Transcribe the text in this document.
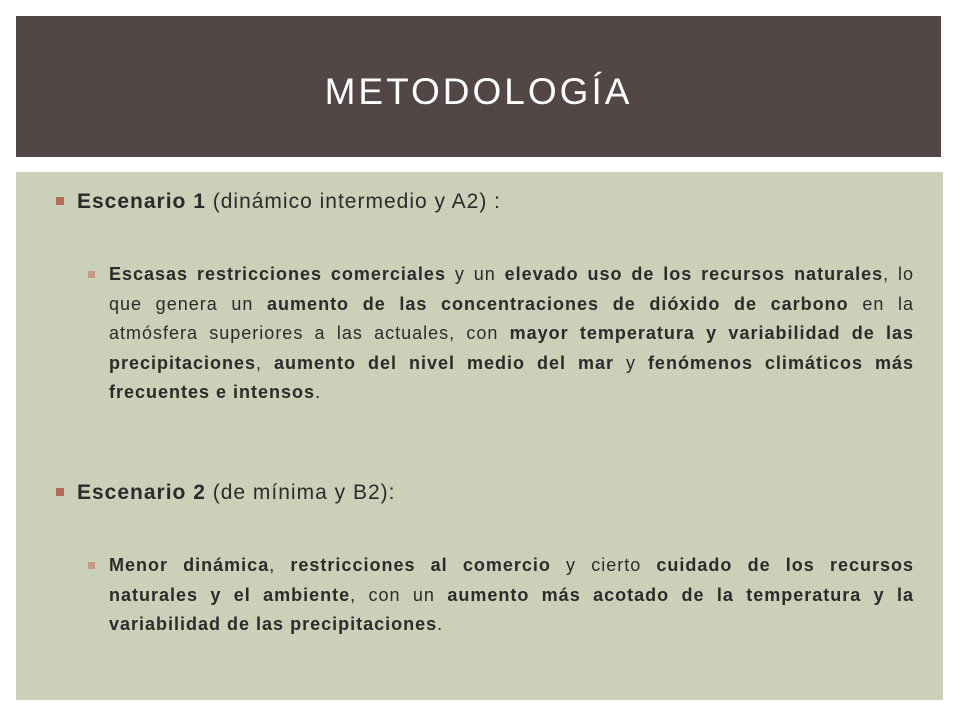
METODOLOGÍA
Escenario 1 (dinámico intermedio y A2) :
Escasas restricciones comerciales y un elevado uso de los recursos naturales, lo que genera un aumento de las concentraciones de dióxido de carbono en la atmósfera superiores a las actuales, con mayor temperatura y variabilidad de las precipitaciones, aumento del nivel medio del mar y fenómenos climáticos más frecuentes e intensos.
Escenario 2 (de mínima y B2):
Menor dinámica, restricciones al comercio y cierto cuidado de los recursos naturales y el ambiente, con un aumento más acotado de la temperatura y la variabilidad de las precipitaciones.
